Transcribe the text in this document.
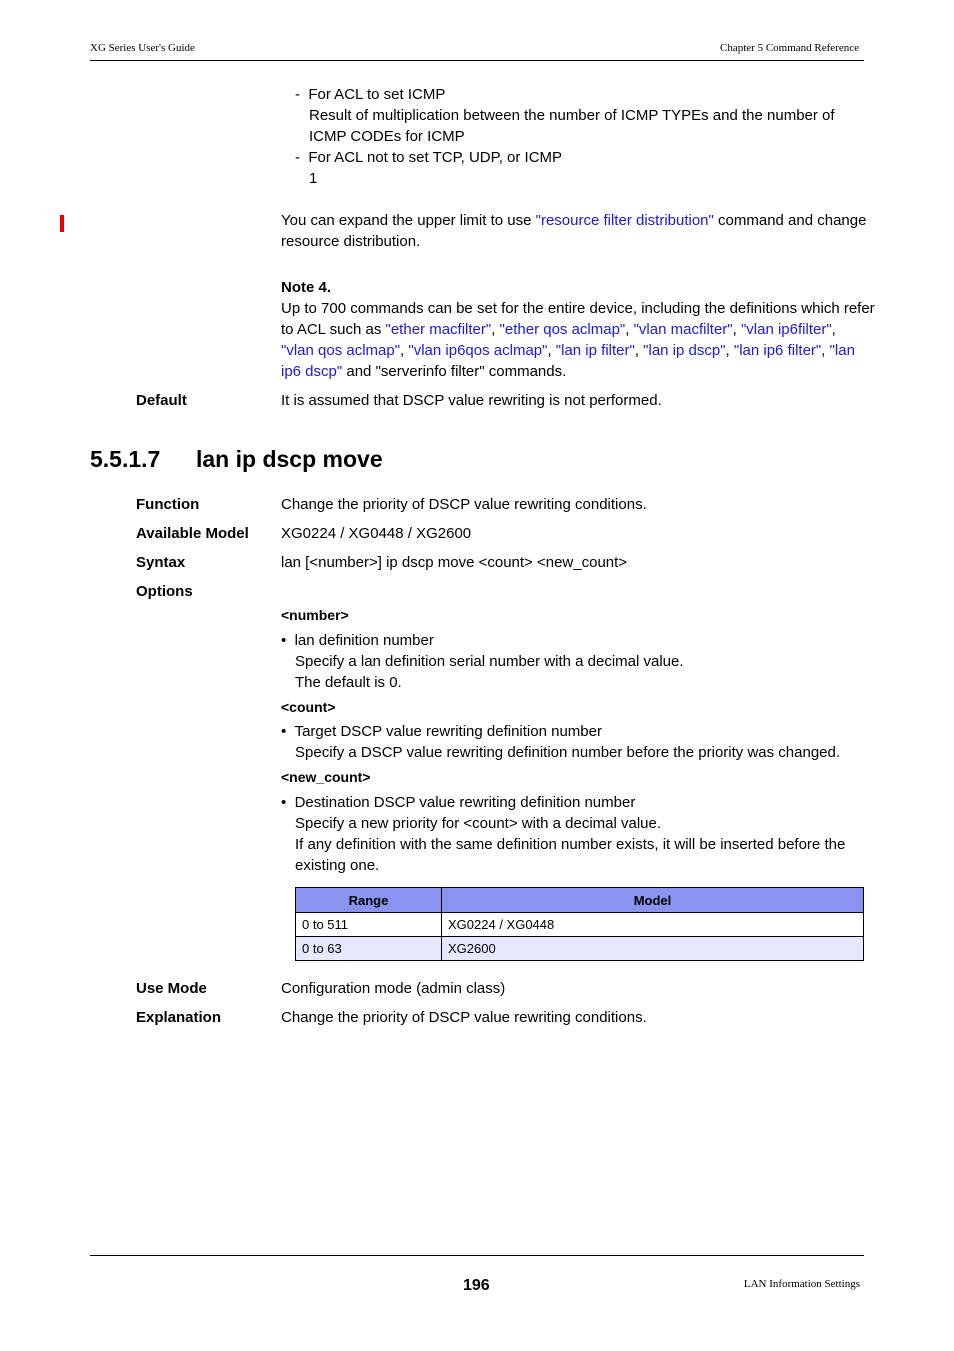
XG Series User's Guide	Chapter 5 Command Reference
-  For ACL to set ICMP
Result of multiplication between the number of ICMP TYPEs and the number of
ICMP CODEs for ICMP
-  For ACL not to set TCP, UDP, or ICMP
1
You can expand the upper limit to use "resource filter distribution" command and change
resource distribution.
Note 4.
Up to 700 commands can be set for the entire device, including the definitions which refer
to ACL such as "ether macfilter", "ether qos aclmap", "vlan macfilter", "vlan ip6filter",
"vlan qos aclmap", "vlan ip6qos aclmap", "lan ip filter", "lan ip dscp", "lan ip6 filter", "lan
ip6 dscp" and "serverinfo filter" commands.
Default	It is assumed that DSCP value rewriting is not performed.
5.5.1.7 lan ip dscp move
Function	Change the priority of DSCP value rewriting conditions.
Available Model XG0224 / XG0448 / XG2600
Syntax	lan [<number>] ip dscp move <count> <new_count>
Options
<number>
•  lan definition number
Specify a lan definition serial number with a decimal value.
The default is 0.
<count>
•  Target DSCP value rewriting definition number
Specify a DSCP value rewriting definition number before the priority was changed.
<new_count>
•  Destination DSCP value rewriting definition number
Specify a new priority for <count> with a decimal value.
If any definition with the same definition number exists, it will be inserted before the
existing one.
Range	Model
0 to 511	XG0224 / XG0448
0 to 63	XG2600
Use Mode	Configuration mode (admin class)
Explanation	Change the priority of DSCP value rewriting conditions.
196	LAN Information Settings
